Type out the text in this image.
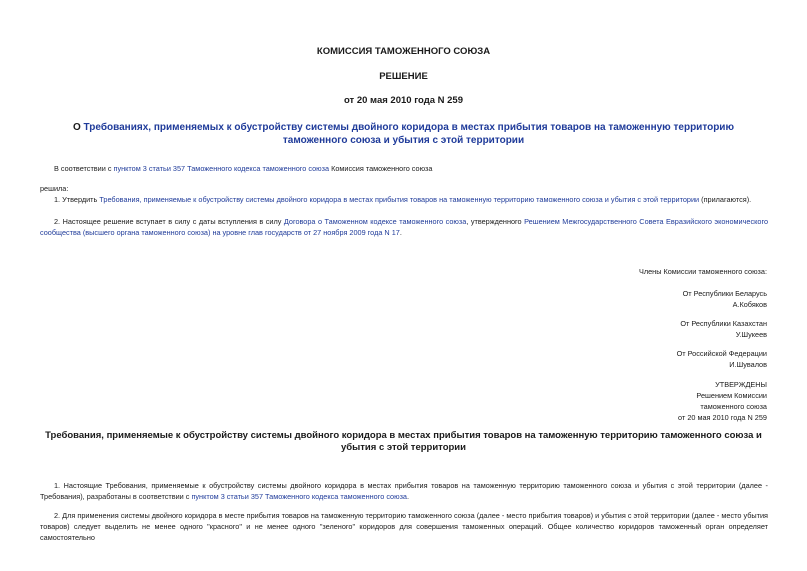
КОМИССИЯ ТАМОЖЕННОГО СОЮЗА
РЕШЕНИЕ
от 20 мая 2010 года N 259
О Требованиях, применяемых к обустройству системы двойного коридора в местах прибытия товаров на таможенную территорию таможенного союза и убытия с этой территории
В соответствии с пунктом 3 статьи 357 Таможенного кодекса таможенного союза Комиссия таможенного союза
решила:
1. Утвердить Требования, применяемые к обустройству системы двойного коридора в местах прибытия товаров на таможенную территорию таможенного союза и убытия с этой территории (прилагаются).
2. Настоящее решение вступает в силу с даты вступления в силу Договора о Таможенном кодексе таможенного союза, утвержденного Решением Межгосударственного Совета Евразийского экономического сообщества (высшего органа таможенного союза) на уровне глав государств от 27 ноября 2009 года N 17.
Члены Комиссии таможенного союза:
От Республики Беларусь
А.Кобяков
От Республики Казахстан
У.Шукеев
От Российской Федерации
И.Шувалов
УТВЕРЖДЕНЫ
Решением Комиссии
таможенного союза
от 20 мая 2010 года N 259
Требования, применяемые к обустройству системы двойного коридора в местах прибытия товаров на таможенную территорию таможенного союза и убытия с этой территории
1. Настоящие Требования, применяемые к обустройству системы двойного коридора в местах прибытия товаров на таможенную территорию таможенного союза и убытия с этой территории (далее - Требования), разработаны в соответствии с пунктом 3 статьи 357 Таможенного кодекса таможенного союза.
2. Для применения системы двойного коридора в месте прибытия товаров на таможенную территорию таможенного союза (далее - место прибытия товаров) и убытия с этой территории (далее - место убытия товаров) следует выделить не менее одного "красного" и не менее одного "зеленого" коридоров для совершения таможенных операций. Общее количество коридоров таможенный орган определяет самостоятельно
